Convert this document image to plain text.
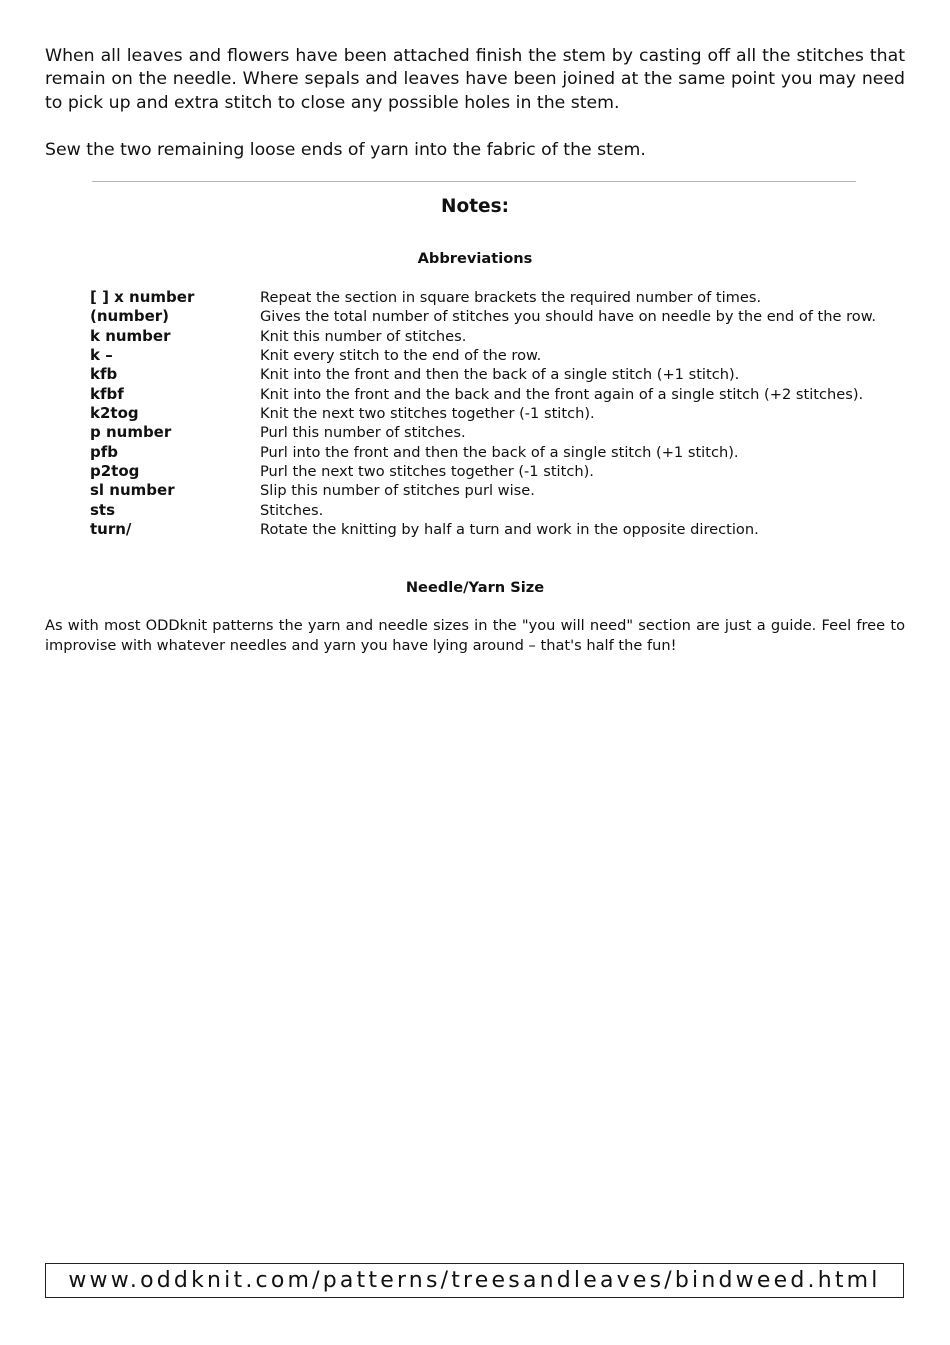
When all leaves and flowers have been attached finish the stem by casting off all the stitches that remain on the needle. Where sepals and leaves have been joined at the same point you may need to pick up and extra stitch to close any possible holes in the stem.

Sew the two remaining loose ends of yarn into the fabric of the stem.

Notes:
Abbreviations
[ ] x number	Repeat the section in square brackets the required number of times.
(number)	Gives the total number of stitches you should have on needle by the end of the row.
k number	Knit this number of stitches.
k –	Knit every stitch to the end of the row.
kfb	Knit into the front and then the back of a single stitch (+1 stitch).
kfbf	Knit into the front and the back and the front again of a single stitch (+2 stitches).
k2tog	Knit the next two stitches together (-1 stitch).
p number	Purl this number of stitches.
pfb	Purl into the front and then the back of a single stitch (+1 stitch).
p2tog	Purl the next two stitches together (-1 stitch).
sl number	Slip this number of stitches purl wise.
sts	Stitches.
turn/	Rotate the knitting by half a turn and work in the opposite direction.
Needle/Yarn Size

As with most ODDknit patterns the yarn and needle sizes in the "you will need" section are just a guide. Feel free to improvise with whatever needles and yarn you have lying around – that's half the fun!

www.oddknit.com/patterns/treesandleaves/bindweed.html
